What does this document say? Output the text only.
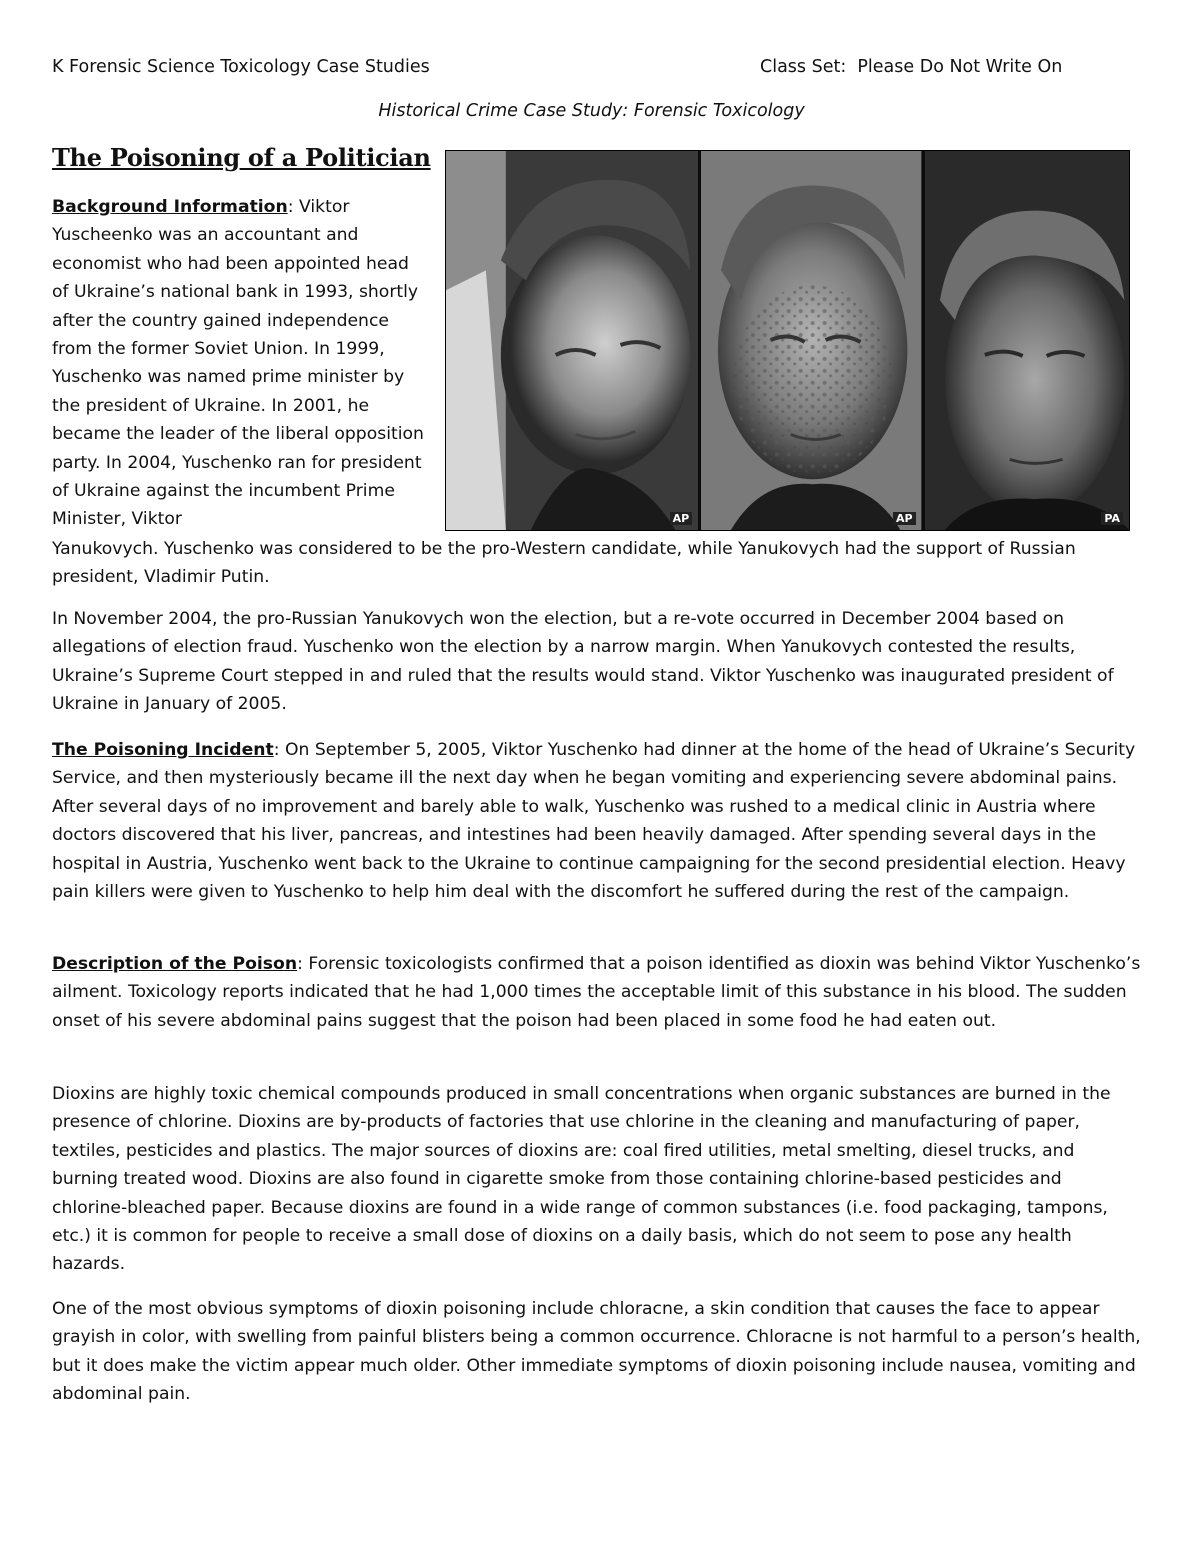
K Forensic Science Toxicology Case Studies	Class Set:  Please Do Not Write On
Historical Crime Case Study: Forensic Toxicology
The Poisoning of a Politician
AP	AP	PA

Background Information: Viktor Yuscheenko was an accountant and economist who had been appointed head of Ukraine’s national bank in 1993, shortly after the country gained independence from the former Soviet Union. In 1999, Yuschenko was named prime minister by the president of Ukraine. In 2001, he became the leader of the liberal opposition party. In 2004, Yuschenko ran for president of Ukraine against the incumbent Prime Minister, Viktor

Yanukovych. Yuschenko was considered to be the pro-Western candidate, while Yanukovych had the support of Russian president, Vladimir Putin.

In November 2004, the pro-Russian Yanukovych won the election, but a re-vote occurred in December 2004 based on allegations of election fraud. Yuschenko won the election by a narrow margin. When Yanukovych contested the results, Ukraine’s Supreme Court stepped in and ruled that the results would stand. Viktor Yuschenko was inaugurated president of Ukraine in January of 2005.

The Poisoning Incident: On September 5, 2005, Viktor Yuschenko had dinner at the home of the head of Ukraine’s Security Service, and then mysteriously became ill the next day when he began vomiting and experiencing severe abdominal pains. After several days of no improvement and barely able to walk, Yuschenko was rushed to a medical clinic in Austria where doctors discovered that his liver, pancreas, and intestines had been heavily damaged. After spending several days in the hospital in Austria, Yuschenko went back to the Ukraine to continue campaigning for the second presidential election. Heavy pain killers were given to Yuschenko to help him deal with the discomfort he suffered during the rest of the campaign.

Description of the Poison: Forensic toxicologists confirmed that a poison identified as dioxin was behind Viktor Yuschenko’s ailment. Toxicology reports indicated that he had 1,000 times the acceptable limit of this substance in his blood. The sudden onset of his severe abdominal pains suggest that the poison had been placed in some food he had eaten out.

Dioxins are highly toxic chemical compounds produced in small concentrations when organic substances are burned in the presence of chlorine. Dioxins are by-products of factories that use chlorine in the cleaning and manufacturing of paper, textiles, pesticides and plastics. The major sources of dioxins are: coal fired utilities, metal smelting, diesel trucks, and burning treated wood. Dioxins are also found in cigarette smoke from those containing chlorine-based pesticides and chlorine-bleached paper. Because dioxins are found in a wide range of common substances (i.e. food packaging, tampons, etc.) it is common for people to receive a small dose of dioxins on a daily basis, which do not seem to pose any health hazards.

One of the most obvious symptoms of dioxin poisoning include chloracne, a skin condition that causes the face to appear grayish in color, with swelling from painful blisters being a common occurrence. Chloracne is not harmful to a person’s health, but it does make the victim appear much older. Other immediate symptoms of dioxin poisoning include nausea, vomiting and abdominal pain.
